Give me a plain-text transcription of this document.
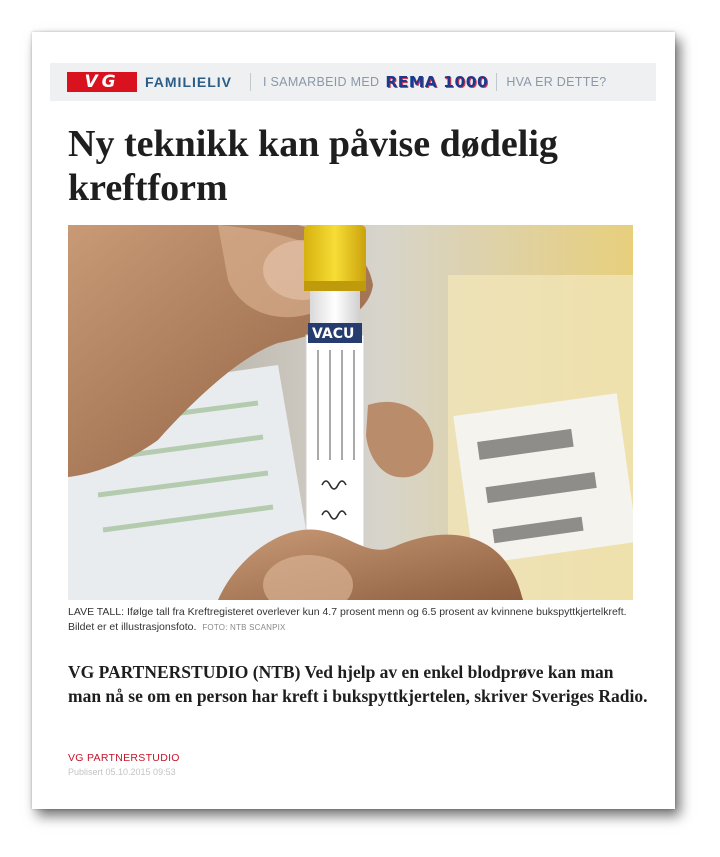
VG	FAMILIELIV I SAMARBEID MED REMA 1000 HVA ER DETTE?
Ny teknikk kan påvise dødelig kreftform
VACU
LAVE TALL: Ifølge tall fra Kreftregisteret overlever kun 4.7 prosent menn og 6.5 prosent av kvinnene bukspyttkjertelkreft. Bildet er et illustrasjonsfoto. FOTO: NTB SCANPIX

VG PARTNERSTUDIO (NTB) Ved hjelp av en enkel blodprøve kan man man nå se om en person har kreft i bukspyttkjertelen, skriver Sveriges Radio.

VG PARTNERSTUDIO
Publisert 05.10.2015 09:53
